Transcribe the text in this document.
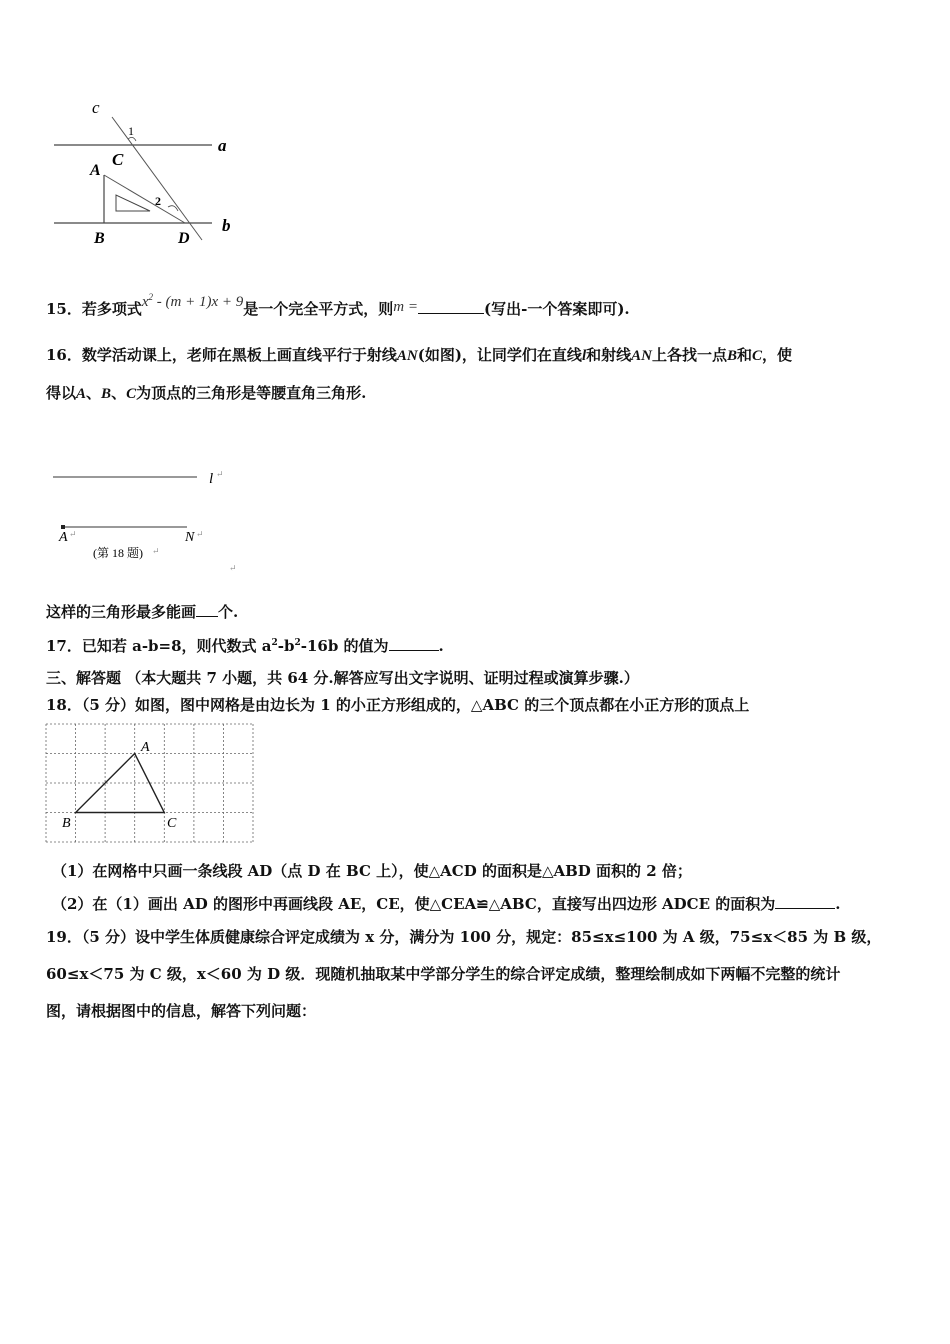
c
1
C
a
A
2
B	D
b
15．若多项式$x^2 - (m + 1)x + 9$是一个完全平方式，则m =	(写出-一个答案即可).
16．数学活动课上，老师在黑板上画直线平行于射线AN(如图)，让同学们在直线l和射线AN上各找一点B和C，使
得以A、B、C为顶点的三角形是等腰直角三角形.
l ↵
A ↵	N ↵
(第 18 题) ↵
↵
这样的三角形最多能画 个.
17．已知若 a-b=8，则代数式 $a^2-b^2-16b$ 的值为	.
三、解答题 （本大题共 7 小题，共 64 分.解答应写出文字说明、证明过程或演算步骤.）
18．（5 分）如图，图中网格是由边长为 1 的小正方形组成的，△ABC 的三个顶点都在小正方形的顶点上
A
B	C
（1）在网格中只画一条线段 AD（点 D 在 BC 上），使△ACD 的面积是△ABD 面积的 2 倍；
（2）在（1）画出 AD 的图形中再画线段 AE，CE，使△CEA≌△ABC，直接写出四边形 ADCE 的面积为	.
19．（5 分）设中学生体质健康综合评定成绩为 x 分，满分为 100 分，规定：85≤x≤100 为 A 级，75≤x＜85 为 B 级，
60≤x＜75 为 C 级，x＜60 为 D 级．现随机抽取某中学部分学生的综合评定成绩，整理绘制成如下两幅不完整的统计
图，请根据图中的信息，解答下列问题：
